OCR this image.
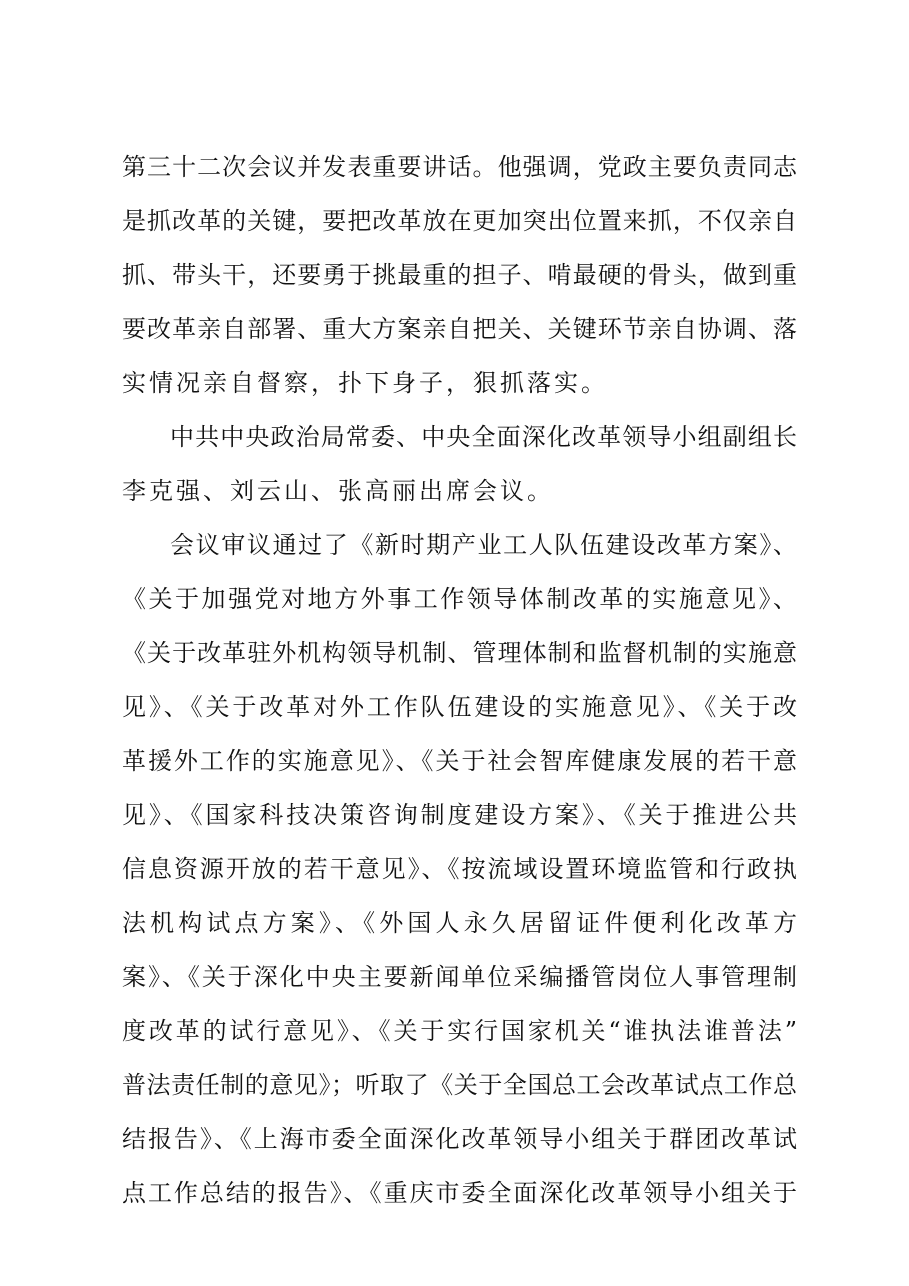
第三十二次会议并发表重要讲话。他强调，党政主要负责同志
是抓改革的关键，要把改革放在更加突出位置来抓，不仅亲自
抓、带头干，还要勇于挑最重的担子、啃最硬的骨头，做到重
要改革亲自部署、重大方案亲自把关、关键环节亲自协调、落
实情况亲自督察，扑下身子，狠抓落实。
中共中央政治局常委、中央全面深化改革领导小组副组长
李克强、刘云山、张高丽出席会议。
会议审议通过了《新时期产业工人队伍建设改革方案》、
《关于加强党对地方外事工作领导体制改革的实施意见》、
《关于改革驻外机构领导机制、管理体制和监督机制的实施意
见》、《关于改革对外工作队伍建设的实施意见》、《关于改
革援外工作的实施意见》、《关于社会智库健康发展的若干意
见》、《国家科技决策咨询制度建设方案》、《关于推进公共
信息资源开放的若干意见》、《按流域设置环境监管和行政执
法机构试点方案》、《外国人永久居留证件便利化改革方
案》、《关于深化中央主要新闻单位采编播管岗位人事管理制
度改革的试行意见》、《关于实行国家机关“谁执法谁普法”
普法责任制的意见》；听取了《关于全国总工会改革试点工作总
结报告》、《上海市委全面深化改革领导小组关于群团改革试
点工作总结的报告》、《重庆市委全面深化改革领导小组关于
